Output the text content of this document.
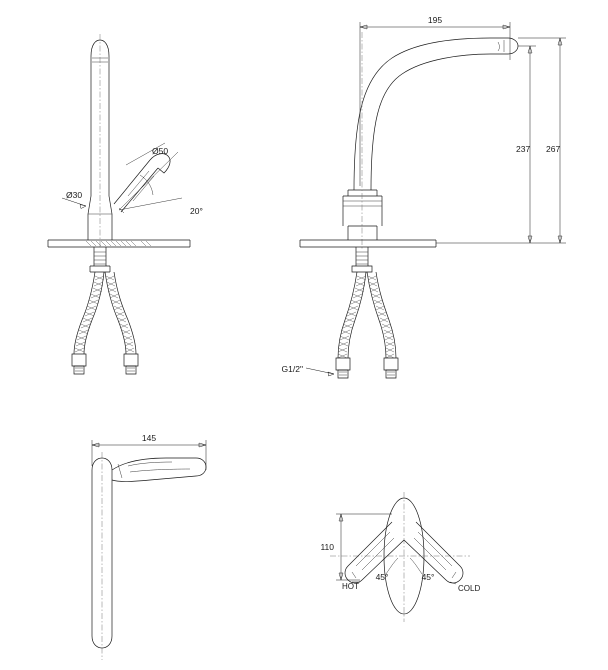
Ø30
Ø50
20°
195
237 267
G1/2"
145
110
45°	45°
HOT	COLD
